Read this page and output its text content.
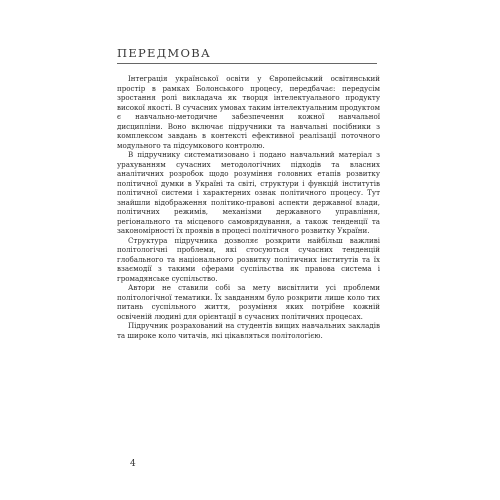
ПЕРЕДМОВА

Інтеграція української освіти у Європейський освітянський простір в рамках Болонського процесу, передбачає: передусім зростання ролі викладача як творця інтелектуального продукту високої якості. В сучасних умовах таким інтелектуальним продуктом є навчально-методичне забезпечення кожної навчальної дисципліни. Воно включає підручники та навчальні посібники з комплексом завдань в контексті ефективної реалізації поточного модульного та підсумкового контролю.

В підручнику систематизовано і подано навчальний матеріал з урахуванням сучасних методологічних підходів та власних аналітичних розробок щодо розуміння головних етапів розвитку політичної думки в Україні та світі, структури і функцій інститутів політичної системи і характерних ознак політичного процесу. Тут знайшли відображення політико-правові аспекти державної влади, політичних режимів, механізми державного управління, регіонального та місцевого самоврядування, а також тенденції та закономірності їх проявів в процесі політичного розвитку України.

Структура підручника дозволяє розкрити найбільш важливі політологічні проблеми, які стосуються сучасних тенденцій глобального та національного розвитку політичних інститутів та їх взаємодії з такими сферами суспільства як правова система і громадянське суспільство.

Автори не ставили собі за мету висвітлити усі проблеми політологічної тематики. Їх завданням було розкрити лише коло тих питань суспільного життя, розуміння яких потрібне кожній освіченій людині для орієнтації в сучасних політичних процесах.

Підручник розрахований на студентів вищих навчальних закладів та широке коло читачів, які цікавляться політологією.

4
